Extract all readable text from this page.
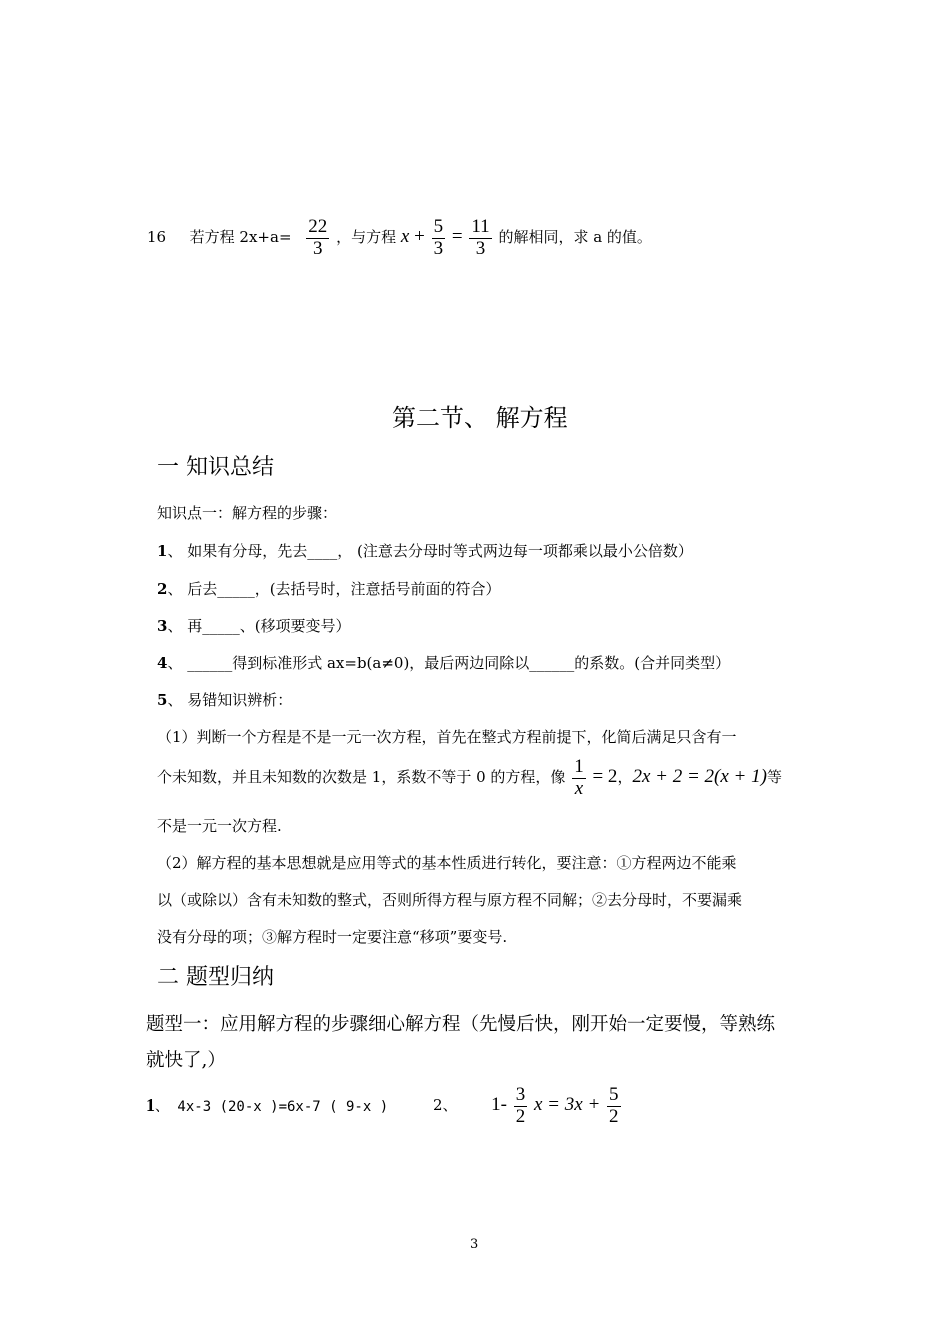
16 若方程 $2x+a= \frac{22}{3}$ ，与方程 $x + \frac{5}{3} = \frac{11}{3}$ 的解相同，求 a 的值。
第二节、 解方程
一 知识总结
知识点一：解方程的步骤：
1、 如果有分母，先去____， (注意去分母时等式两边每一项都乘以最小公倍数）
2、 后去_____，(去括号时，注意括号前面的符合）
3、 再_____、(移项要变号）
4、 ______得到标准形式 ax=b(a≠0)，最后两边同除以______的系数。(合并同类型）
5、 易错知识辨析：
（1）判断一个方程是不是一元一次方程，首先在整式方程前提下，化简后满足只含有一
个未知数，并且未知数的次数是 1，系数不等于 0 的方程，像 $\frac{1}{x} = 2$，2x + 2 = 2(x + 1)等
不是一元一次方程.
（2）解方程的基本思想就是应用等式的基本性质进行转化，要注意：①方程两边不能乘
以（或除以）含有未知数的整式，否则所得方程与原方程不同解；②去分母时，不要漏乘
没有分母的项；③解方程时一定要注意“移项”要变号.
二 题型归纳
题型一：应用解方程的步骤细心解方程（先慢后快，刚开始一定要慢，等熟练
就快了,）
1、 4x-3 (20-x )=6x-7 ( 9-x )	2、 $1- \frac{3}{2}$ $x = 3x + \frac{5}{2}$
3
